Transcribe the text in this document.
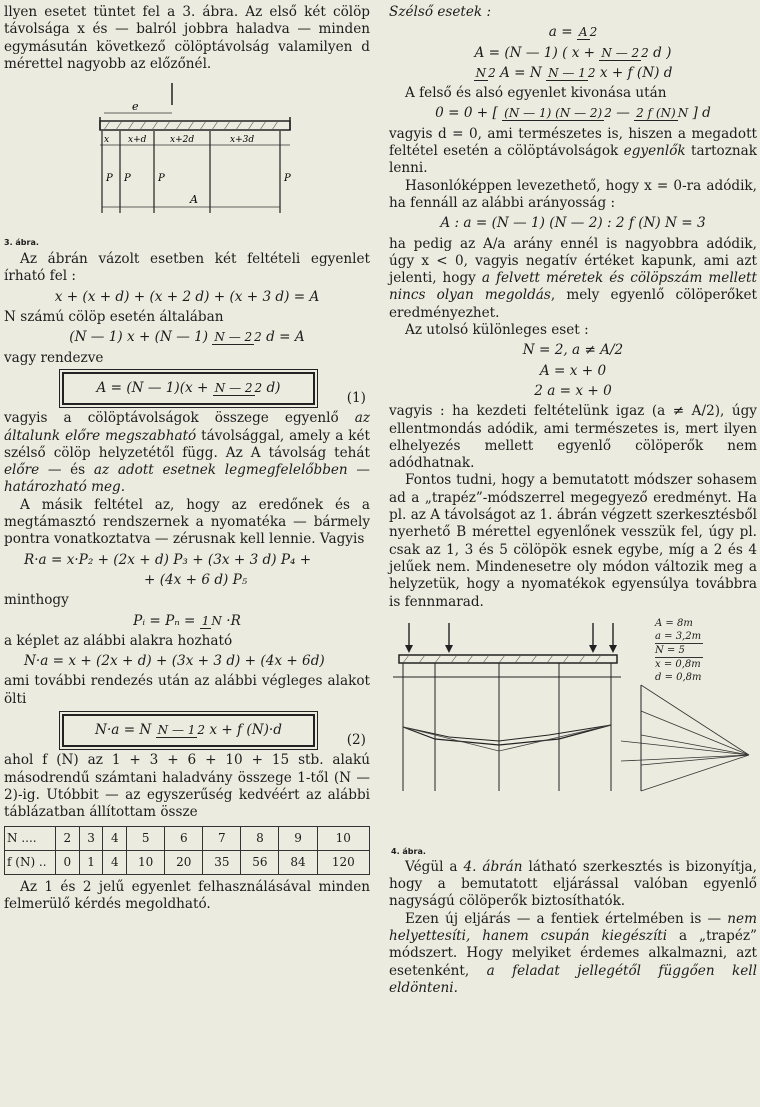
llyen esetet tüntet fel a 3. ábra. Az első két cölöp távolsága x és — balról jobbra haladva — minden egymásután következő cölöptávolság valamilyen d mérettel nagyobb az előzőnél.

e
x x+d	x+2d	x+3d
P P	P	P
A
3. ábra.

Az ábrán vázolt esetben két feltételi egyenlet írható fel :

x + (x + d) + (x + 2 d) + (x + 3 d) = A

N számú cölöp esetén általában

(N — 1) x + (N — 1) N — 2 2 d = A

vagy rendezve

A = (N — 1)(x + N — 2 2 d)
(1)

vagyis a cölöptávolságok összege egyenlő az általunk előre megszabható távolsággal, amely a két szélső cölöp helyzetétől függ. Az A távolság tehát előre — és az adott esetnek legmegfelelőbben — határozható meg.

A másik feltétel az, hogy az eredőnek és a megtámasztó rendszernek a nyomatéka — bármely pontra vonatkoztatva — zérusnak kell lennie. Vagyis

R·a = x·P₂ + (2x + d) P₃ + (3x + 3 d) P₄ +

+ (4x + 6 d) P₅

minthogy

Pᵢ = Pₙ = 1 N ·R

a képlet az alábbi alakra hozható

N·a = x + (2x + d) + (3x + 3 d) + (4x + 6d)

ami további rendezés után az alábbi végleges alakot ölti

N·a = N N — 1 2 x + f (N)·d
(2)

ahol f (N) az 1 + 3 + 6 + 10 + 15 stb. alakú másodrendű számtani haladvány összege 1-től (N — 2)-ig. Utóbbit — az egyszerűség kedvéért az alábbi táblázatban állítottam össze

N ....	2	3	4	5	6	7	8	9	10
f (N) ..	0	1	4	10	20	35	56	84	120

Az 1 és 2 jelű egyenlet felhasználásával minden felmerülő kérdés megoldható.

Szélső esetek :

a = A 2

A = (N — 1) ( x + N — 2 2 d )

N 2 A = N N — 1 2 x + f (N) d

A felső és alsó egyenlet kivonása után

0 = 0 + [ (N — 1) (N — 2) 2 — 2 f (N) N ] d

vagyis d = 0, ami természetes is, hiszen a megadott feltétel esetén a cölöptávolságok egyenlők tartoznak lenni.

Hasonlóképpen levezethető, hogy x = 0-ra adódik, ha fennáll az alábbi arányosság :

A : a = (N — 1) (N — 2) : 2 f (N) N = 3

ha pedig az A/a arány ennél is nagyobbra adódik, úgy x < 0, vagyis negatív értéket kapunk, ami azt jelenti, hogy a felvett méretek és cölöpszám mellett nincs olyan megoldás, mely egyenlő cölöperőket eredményezhet.

Az utolsó különleges eset :

N = 2, a ≠ A/2

A = x + 0

2 a = x + 0

vagyis : ha kezdeti feltételünk igaz (a ≠ A/2), úgy ellentmondás adódik, ami természetes is, mert ilyen elhelyezés mellett egyenlő cölöperők nem adódhatnak.

Fontos tudni, hogy a bemutatott módszer sohasem ad a „trapéz”-módszerrel megegyező eredményt. Ha pl. az A távolságot az 1. ábrán végzett szerkesztésből nyerhető B mérettel egyenlőnek vesszük fel, úgy pl. csak az 1, 3 és 5 cölöpök esnek egybe, míg a 2 és 4 jelűek nem. Mindenesetre oly módon változik meg a helyzetük, hogy a nyomatékok egyensúlya továbbra is fennmarad.

A = 8m
a = 3,2m
N = 5
x = 0,8m
d = 0,8m
4. ábra.

Végül a 4. ábrán látható szerkesztés is bizonyítja, hogy a bemutatott eljárással valóban egyenlő nagyságú cölöperők biztosíthatók.

Ezen új eljárás — a fentiek értelmében is — nem helyettesíti, hanem csupán kiegészíti a „trapéz” módszert. Hogy melyiket érdemes alkalmazni, azt esetenként, a feladat jellegétől függően kell eldönteni.
